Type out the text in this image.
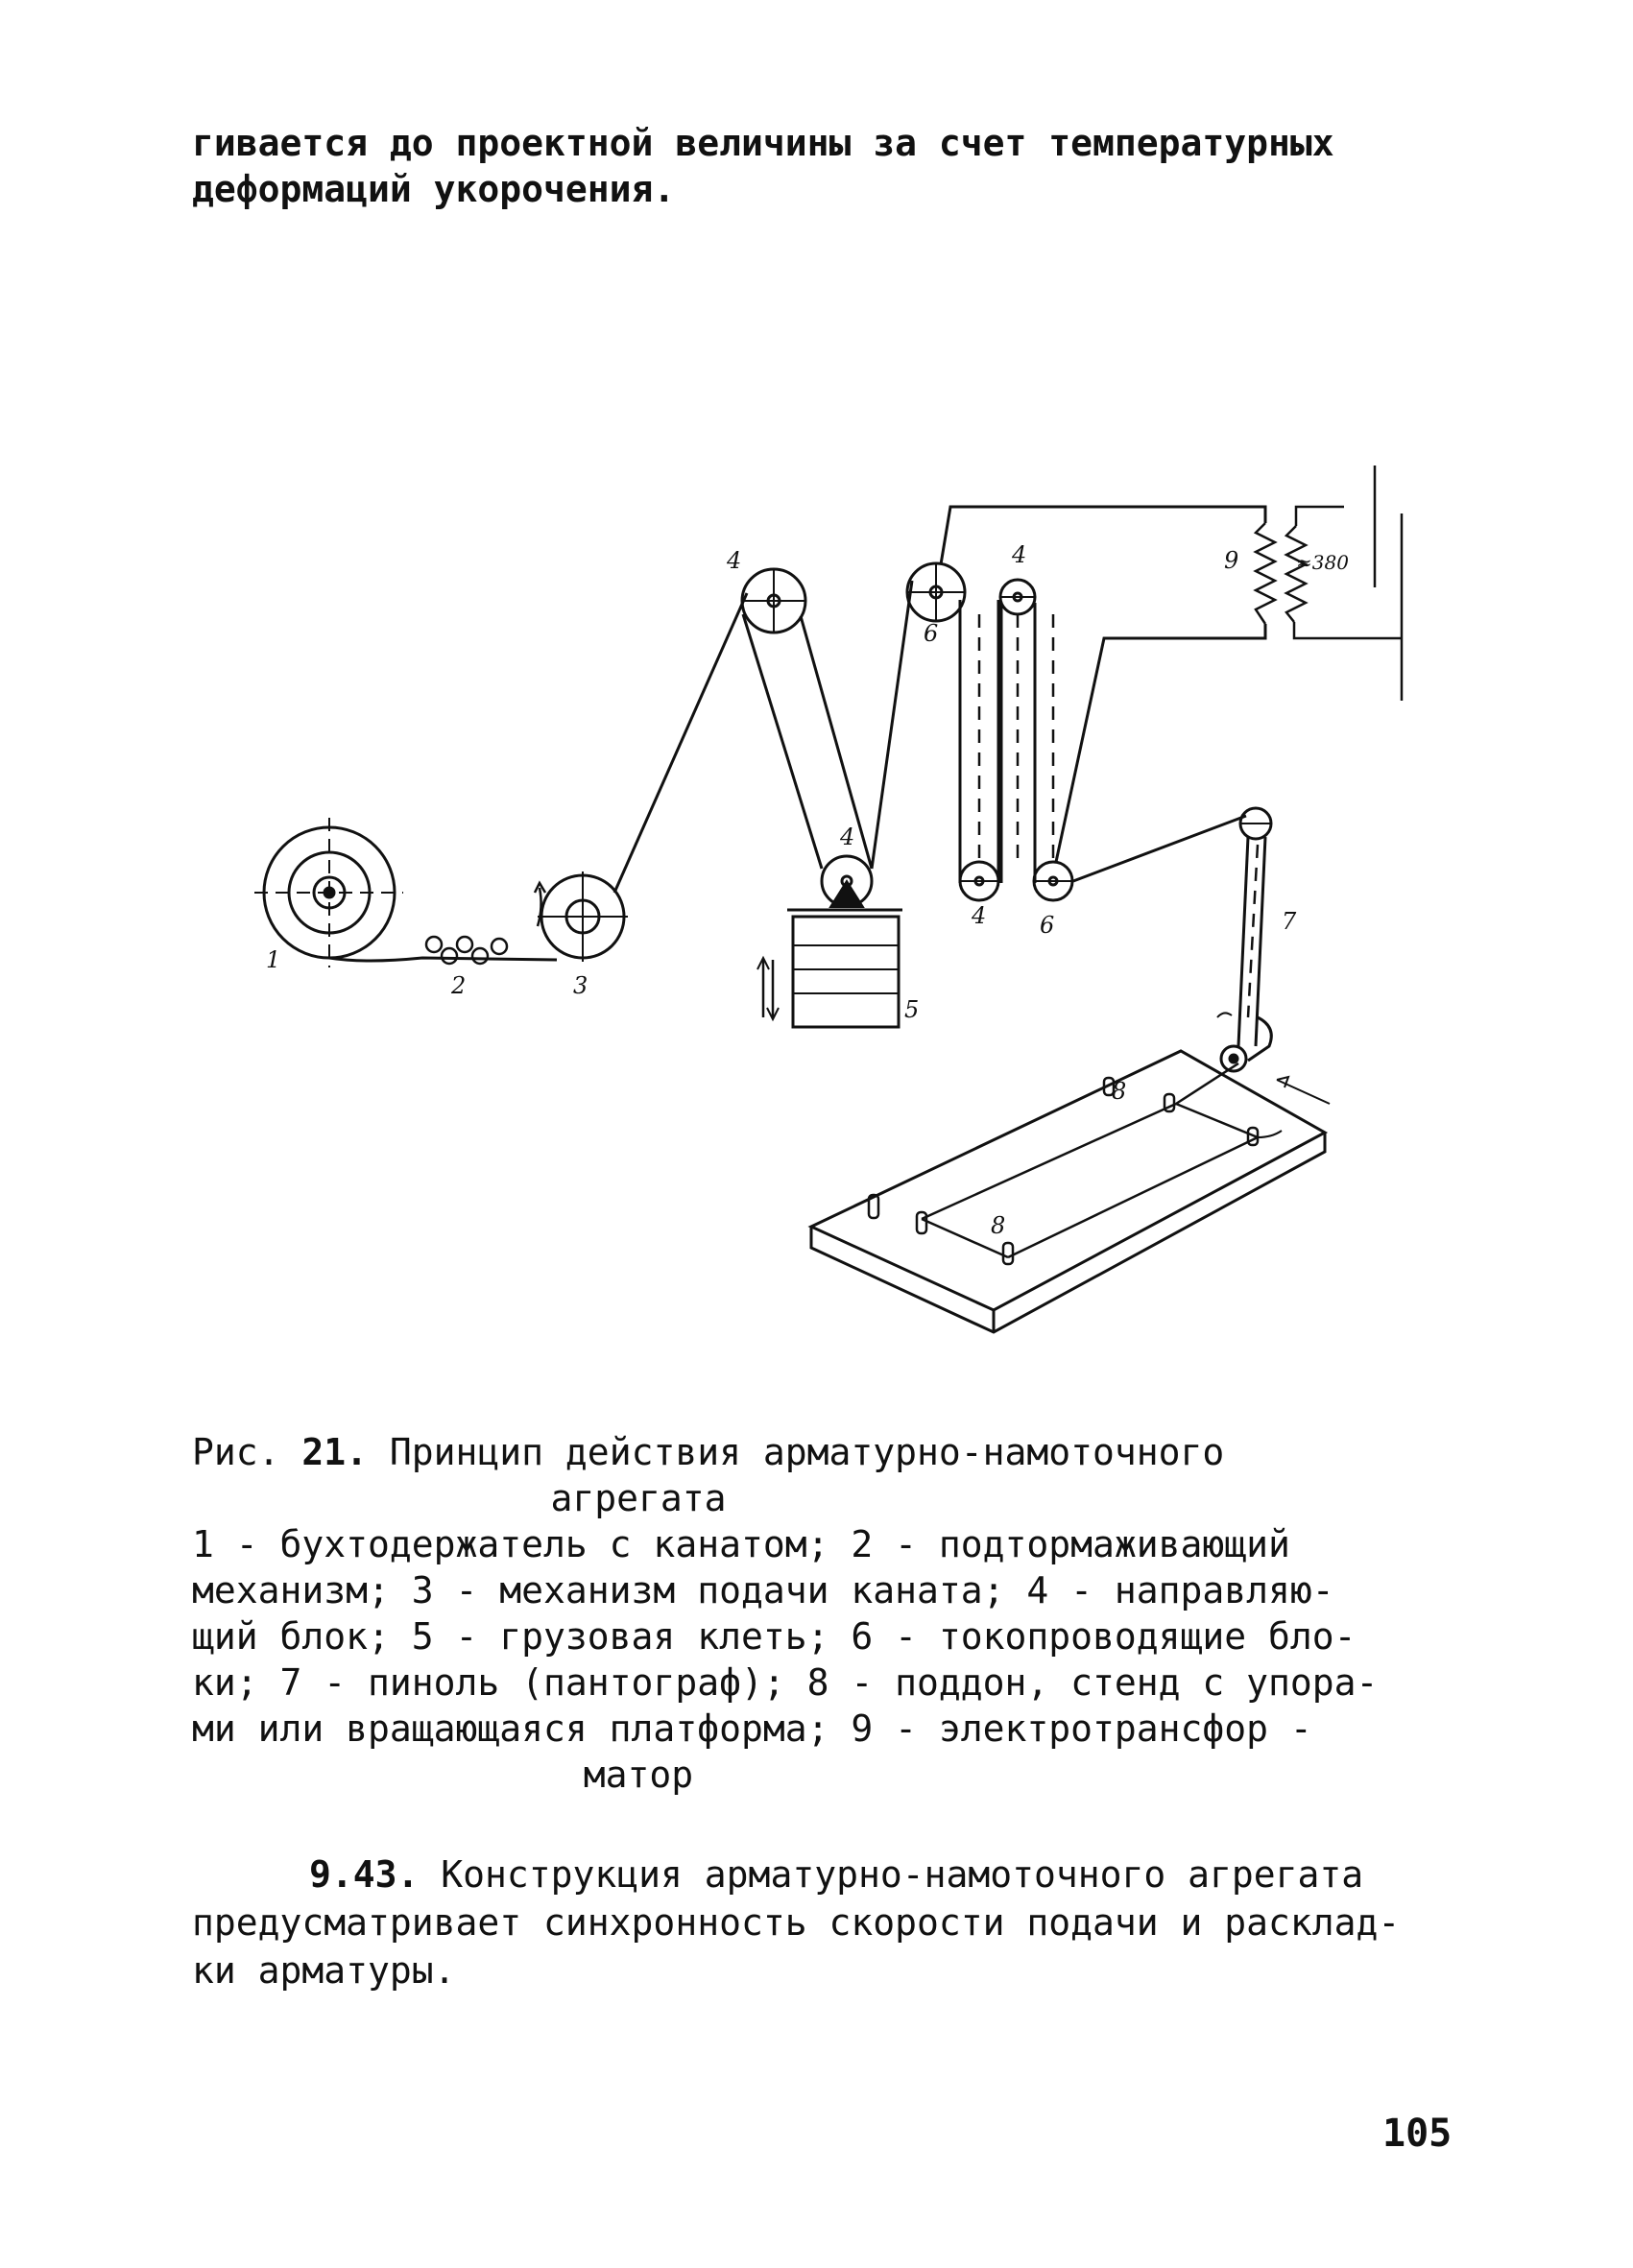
гивается до проектной величины за счет температурных

деформаций укорочения.

1
2	3
4
4
4
4
5
6
6	7
8
8
9	≈380

Рис. 21. Принцип действия арматурно-намоточного

агрегата

1 - бухтодержатель с канатом; 2 - подтормаживающий

механизм; 3 - механизм подачи каната; 4 - направляю-

щий блок; 5 - грузовая клеть; 6 - токопроводящие бло-

ки; 7 - пиноль (пантограф); 8 - поддон, стенд с упора-

ми или вращающаяся платформа; 9 - электротрансфор -

матор

9.43. Конструкция арматурно-намоточного агрегата

предусматривает синхронность скорости подачи и расклад-

ки арматуры.

105
